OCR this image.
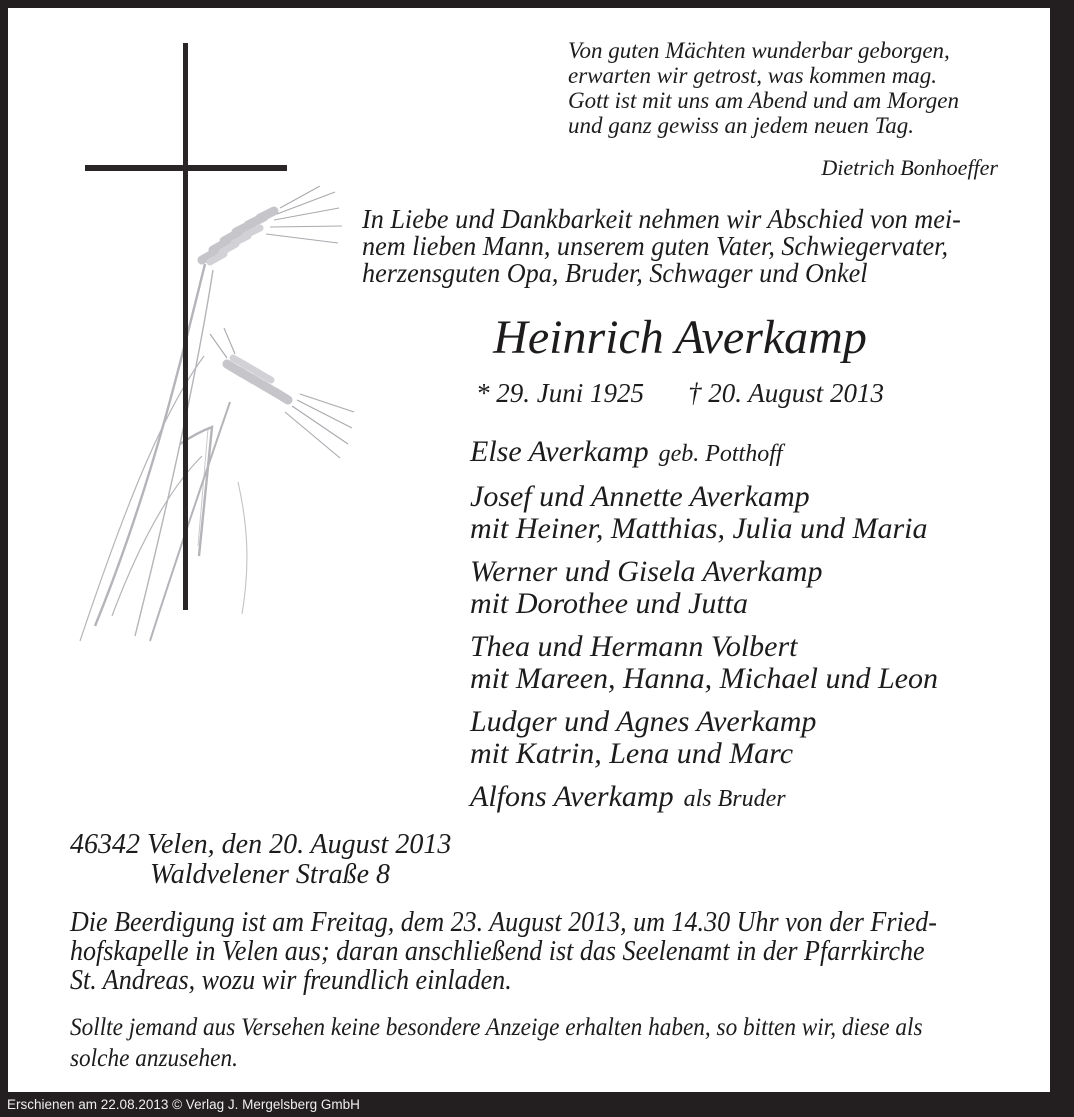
Von guten Mächten wunderbar geborgen,
erwarten wir getrost, was kommen mag.
Gott ist mit uns am Abend und am Morgen
und ganz gewiss an jedem neuen Tag.
Dietrich Bonhoeffer
In Liebe und Dankbarkeit nehmen wir Abschied von mei-
nem lieben Mann, unserem guten Vater, Schwiegervater,
herzensguten Opa, Bruder, Schwager und Onkel
Heinrich Averkamp
* 29. Juni 1925 † 20. August 2013
Else Averkamp geb. Potthoff
Josef und Annette Averkamp
mit Heiner, Matthias, Julia und Maria
Werner und Gisela Averkamp
mit Dorothee und Jutta
Thea und Hermann Volbert
mit Mareen, Hanna, Michael und Leon
Ludger und Agnes Averkamp
mit Katrin, Lena und Marc
Alfons Averkamp als Bruder
46342 Velen, den 20. August 2013
Waldvelener Straße 8
Die Beerdigung ist am Freitag, dem 23. August 2013, um 14.30 Uhr von der Fried-
hofskapelle in Velen aus; daran anschließend ist das Seelenamt in der Pfarrkirche
St. Andreas, wozu wir freundlich einladen.
Sollte jemand aus Versehen keine besondere Anzeige erhalten haben, so bitten wir, diese als
solche anzusehen.
Erschienen am 22.08.2013 © Verlag J. Mergelsberg GmbH
